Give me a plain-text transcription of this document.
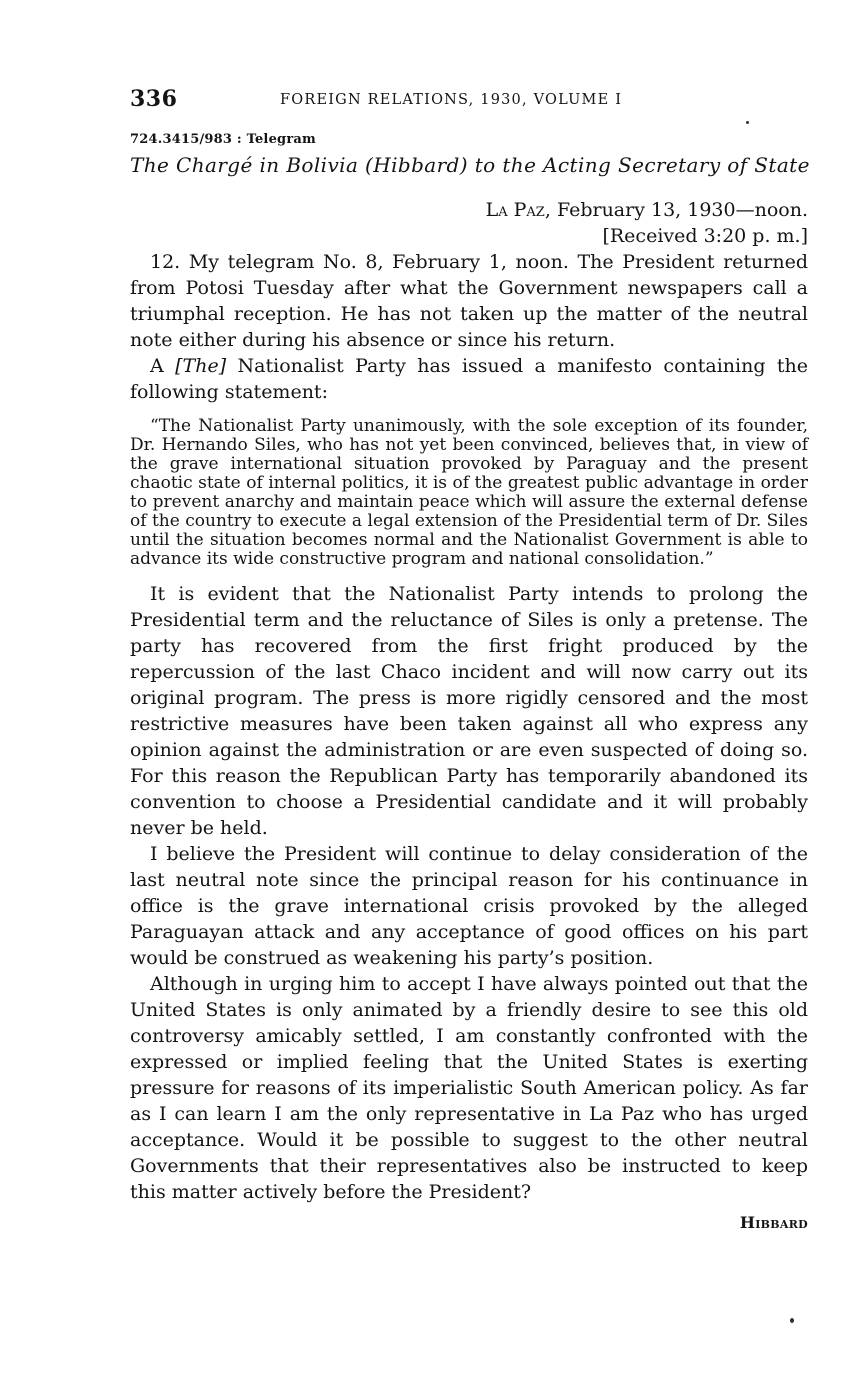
336	FOREIGN RELATIONS, 1930, VOLUME I
724.3415/983 : Telegram
The Chargé in Bolivia (Hibbard) to the Acting Secretary of State
La Paz, February 13, 1930—noon.
[Received 3:20 p. m.]

12. My telegram No. 8, February 1, noon. The President returned from Potosi Tuesday after what the Government newspapers call a triumphal reception. He has not taken up the matter of the neutral note either during his absence or since his return.

A [The] Nationalist Party has issued a manifesto containing the following statement:

“The Nationalist Party unanimously, with the sole exception of its founder, Dr. Hernando Siles, who has not yet been convinced, believes that, in view of the grave international situation provoked by Paraguay and the present chaotic state of internal politics, it is of the greatest public advantage in order to prevent anarchy and maintain peace which will assure the external defense of the country to execute a legal extension of the Presidential term of Dr. Siles until the situation becomes normal and the Nationalist Government is able to advance its wide constructive program and national consolidation.”

It is evident that the Nationalist Party intends to prolong the Presidential term and the reluctance of Siles is only a pretense. The party has recovered from the first fright produced by the repercussion of the last Chaco incident and will now carry out its original program. The press is more rigidly censored and the most restrictive measures have been taken against all who express any opinion against the administration or are even suspected of doing so. For this reason the Republican Party has temporarily abandoned its convention to choose a Presidential candidate and it will probably never be held.

I believe the President will continue to delay consideration of the last neutral note since the principal reason for his continuance in office is the grave international crisis provoked by the alleged Paraguayan attack and any acceptance of good offices on his part would be construed as weakening his party’s position.

Although in urging him to accept I have always pointed out that the United States is only animated by a friendly desire to see this old controversy amicably settled, I am constantly confronted with the expressed or implied feeling that the United States is exerting pressure for reasons of its imperialistic South American policy. As far as I can learn I am the only representative in La Paz who has urged acceptance. Would it be possible to suggest to the other neutral Governments that their representatives also be instructed to keep this matter actively before the President?

Hibbard
